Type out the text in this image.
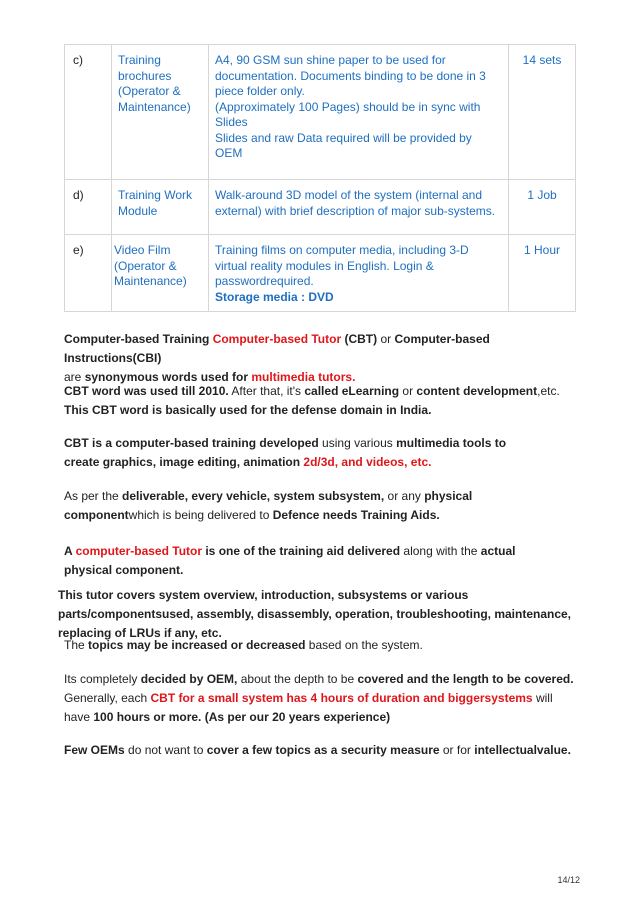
c)	Training brochures (Operator & Maintenance)	A4, 90 GSM sun shine paper to be used for documentation. Documents binding to be done in 3 piece folder only.
(Approximately 100 Pages) should be in sync with Slides
Slides and raw Data required will be provided by OEM	14 sets
d)	Training Work Module	Walk-around 3D model of the system (internal and external) with brief description of major sub-systems.	1 Job
e)	Video Film (Operator & Maintenance)	Training films on computer media, including 3-D virtual reality modules in English. Login & passwordrequired.
Storage media : DVD	1 Hour
Computer-based Training Computer-based Tutor (CBT) or Computer-based Instructions(CBI)
are synonymous words used for multimedia tutors.
CBT word was used till 2010. After that, it's called eLearning or content development,etc.
This CBT word is basically used for the defense domain in India.
CBT is a computer-based training developed using various multimedia tools to create graphics, image editing, animation 2d/3d, and videos, etc.
As per the deliverable, every vehicle, system subsystem, or any physical componentwhich is being delivered to Defence needs Training Aids.
A computer-based Tutor is one of the training aid delivered along with the actual physical component.
This tutor covers system overview, introduction, subsystems or various parts/componentsused, assembly, disassembly, operation, troubleshooting, maintenance, replacing of LRUs if any, etc.
The topics may be increased or decreased based on the system.
Its completely decided by OEM, about the depth to be covered and the length to be covered.
Generally, each CBT for a small system has 4 hours of duration and biggersystems will have 100 hours or more. (As per our 20 years experience)
Few OEMs do not want to cover a few topics as a security measure or for intellectualvalue.
14/12
